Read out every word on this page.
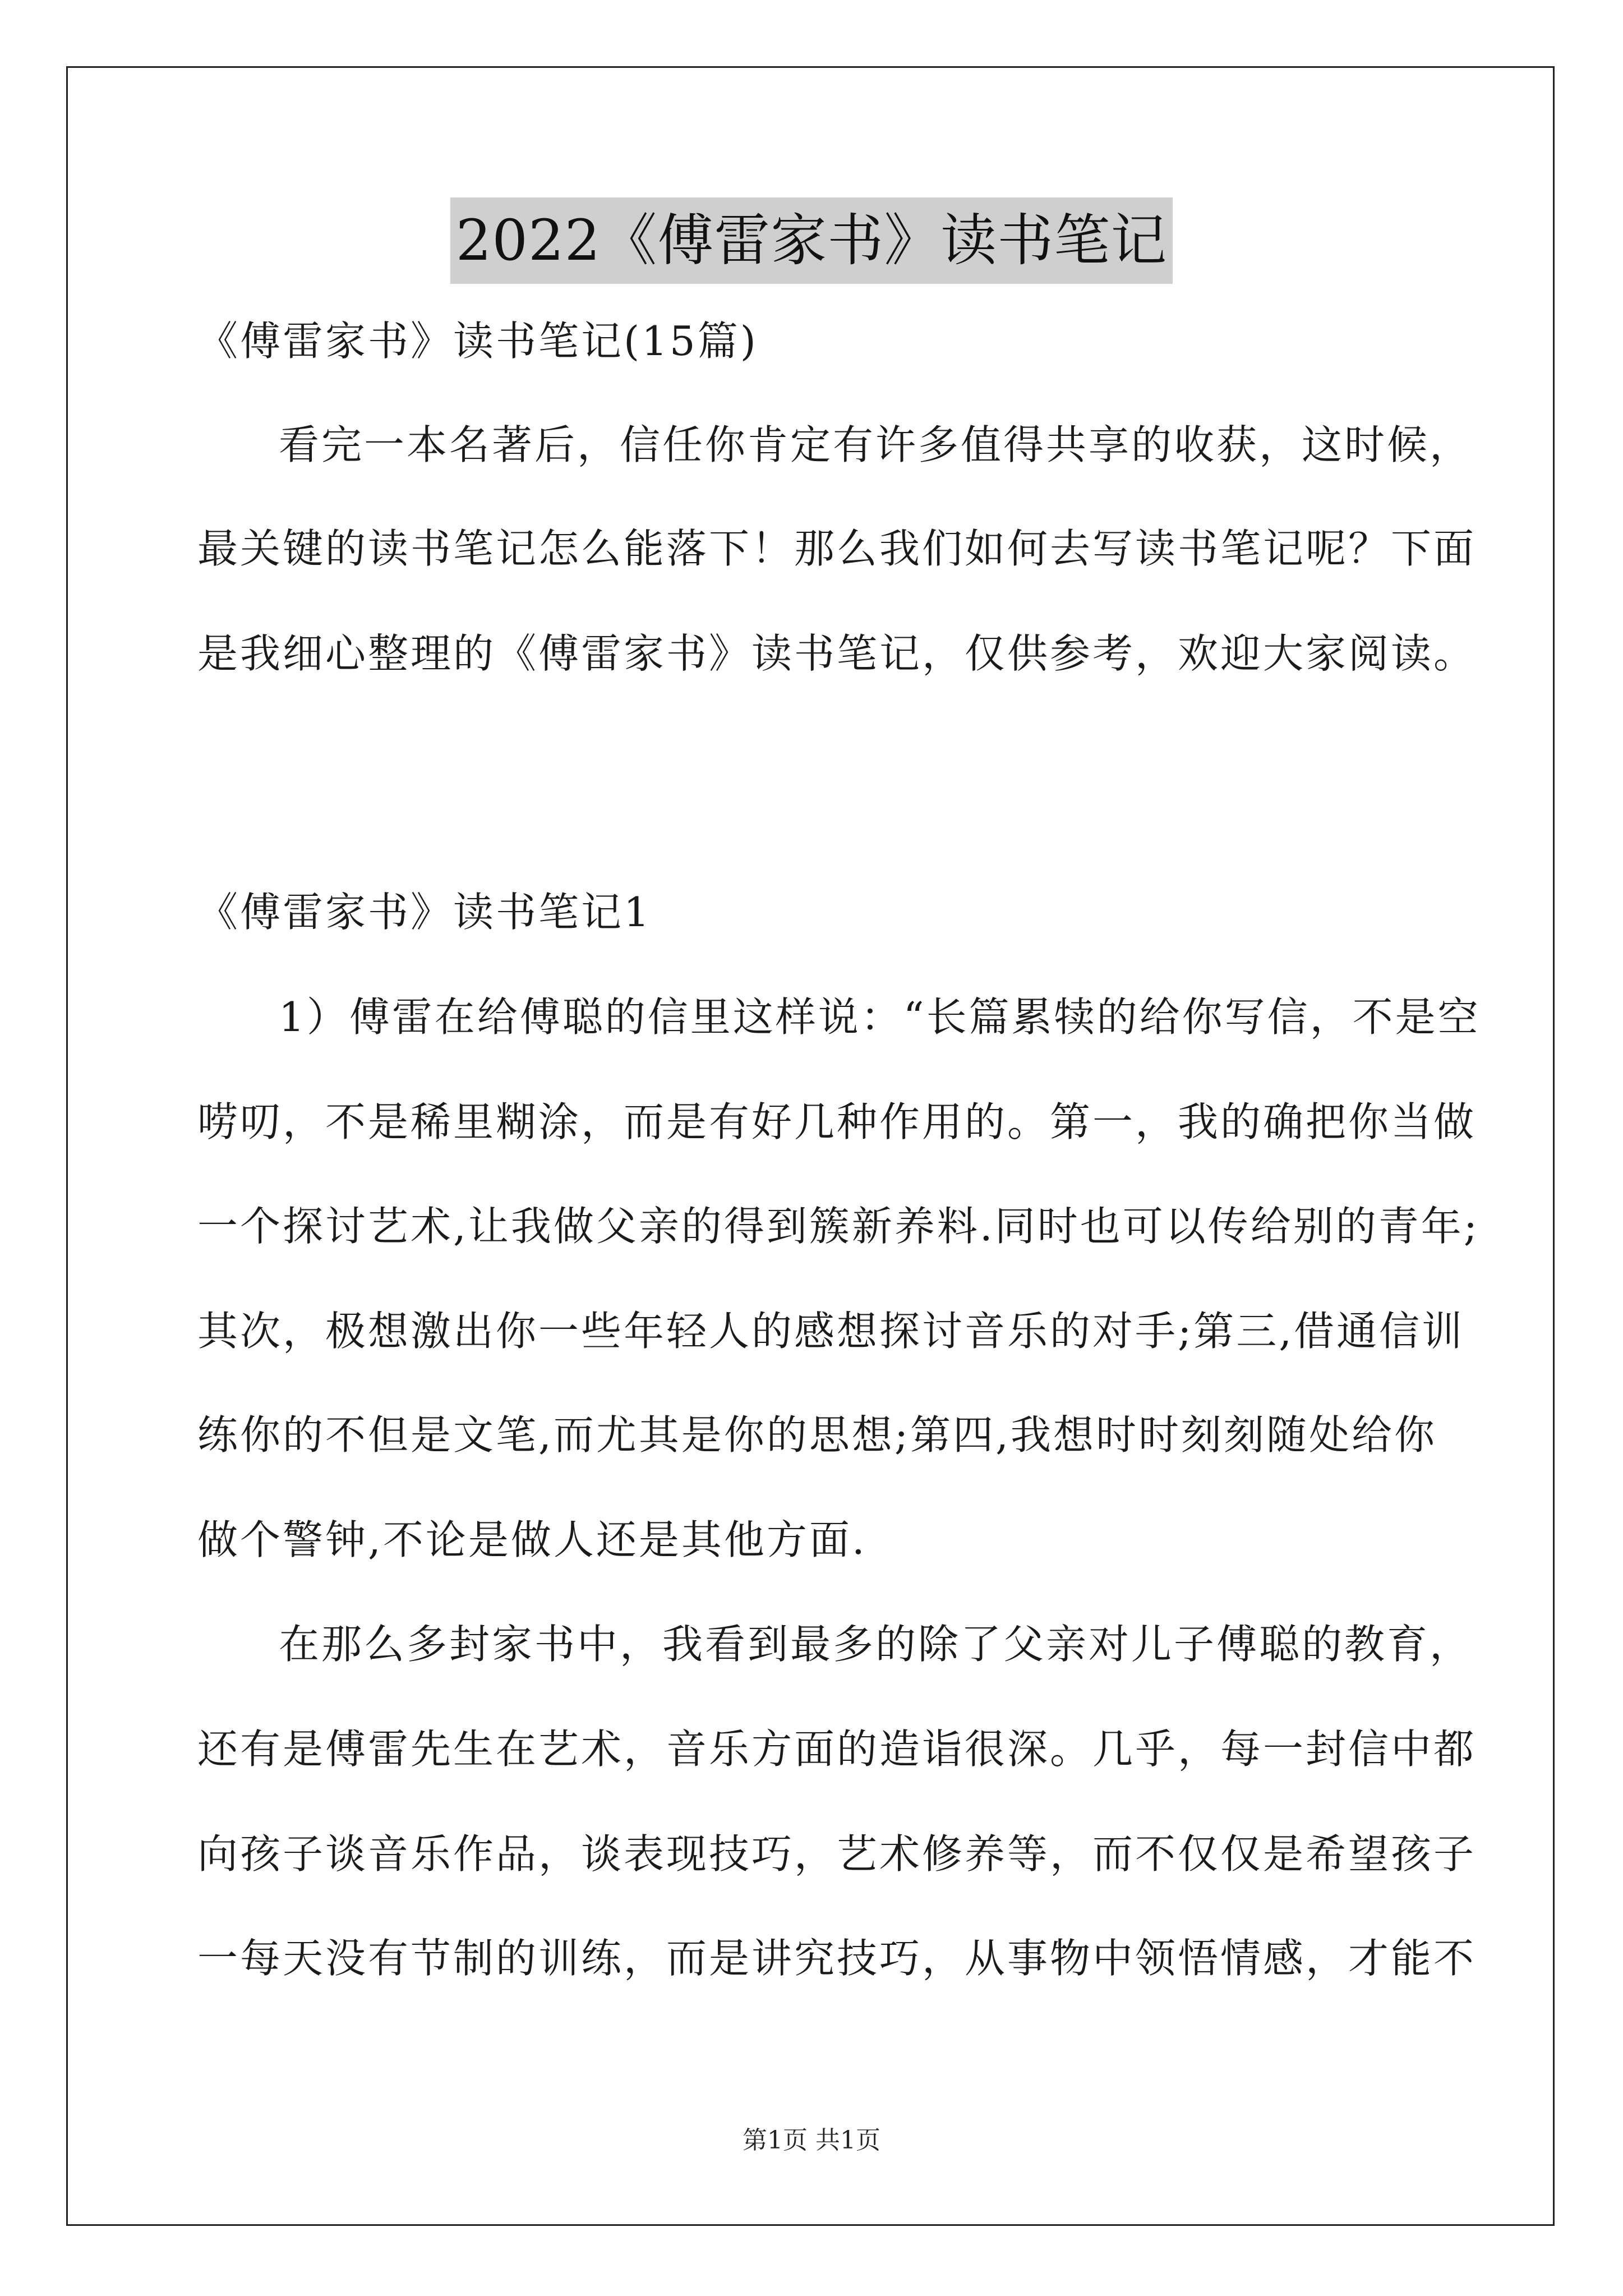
2022《傅雷家书》读书笔记
《傅雷家书》读书笔记(15篇)
看完一本名著后，信任你肯定有许多值得共享的收获，这时候，
最关键的读书笔记怎么能落下！那么我们如何去写读书笔记呢？下面
是我细心整理的《傅雷家书》读书笔记，仅供参考，欢迎大家阅读。
《傅雷家书》读书笔记1
1）傅雷在给傅聪的信里这样说：“长篇累犊的给你写信，不是空
唠叨，不是稀里糊涂，而是有好几种作用的。第一，我的确把你当做
一个探讨艺术,让我做父亲的得到簇新养料.同时也可以传给别的青年;
其次，极想激出你一些年轻人的感想探讨音乐的对手;第三,借通信训
练你的不但是文笔,而尤其是你的思想;第四,我想时时刻刻随处给你
做个警钟,不论是做人还是其他方面.
在那么多封家书中，我看到最多的除了父亲对儿子傅聪的教育，
还有是傅雷先生在艺术，音乐方面的造诣很深。几乎，每一封信中都
向孩子谈音乐作品，谈表现技巧，艺术修养等，而不仅仅是希望孩子
一每天没有节制的训练，而是讲究技巧，从事物中领悟情感，才能不
第1页 共1页
